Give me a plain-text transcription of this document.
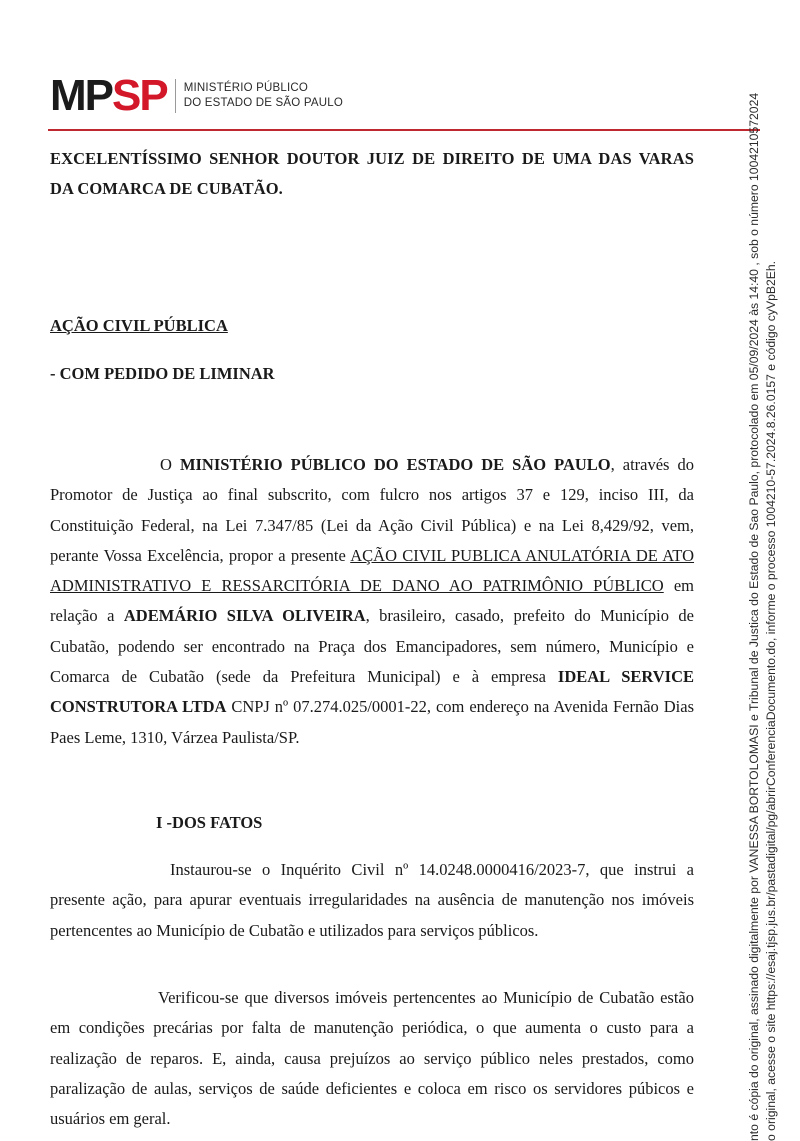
MP SP MINISTÉRIO PÚBLICO
DO ESTADO DE SÃO PAULO
EXCELENTÍSSIMO SENHOR DOUTOR JUIZ DE DIREITO DE UMA DAS VARAS DA COMARCA DE CUBATÃO.
AÇÃO CIVIL PÚBLICA
- COM PEDIDO DE LIMINAR
O MINISTÉRIO PÚBLICO DO ESTADO DE SÃO PAULO, através do Promotor de Justiça ao final subscrito, com fulcro nos artigos 37 e 129, inciso III, da Constituição Federal, na Lei 7.347/85 (Lei da Ação Civil Pública) e na Lei 8,429/92, vem, perante Vossa Excelência, propor a presente AÇÃO CIVIL PUBLICA ANULATÓRIA DE ATO ADMINISTRATIVO E RESSARCITÓRIA DE DANO AO PATRIMÔNIO PÚBLICO em relação a ADEMÁRIO SILVA OLIVEIRA, brasileiro, casado, prefeito do Município de Cubatão, podendo ser encontrado na Praça dos Emancipadores, sem número, Município e Comarca de Cubatão (sede da Prefeitura Municipal) e à empresa IDEAL SERVICE CONSTRUTORA LTDA CNPJ nº 07.274.025/0001-22, com endereço na Avenida Fernão Dias Paes Leme, 1310, Várzea Paulista/SP.
I -DOS FATOS
Instaurou-se o Inquérito Civil nº 14.0248.0000416/2023-7, que instrui a presente ação, para apurar eventuais irregularidades na ausência de manutenção nos imóveis pertencentes ao Município de Cubatão e utilizados para serviços públicos.
Verificou-se que diversos imóveis pertencentes ao Município de Cubatão estão em condições precárias por falta de manutenção periódica, o que aumenta o custo para a realização de reparos. E, ainda, causa prejuízos ao serviço público neles prestados, como paralização de aulas, serviços de saúde deficientes e coloca em risco os servidores púbicos e usuários em geral.	nto é cópia do original, assinado digitalmente por VANESSA BORTOLOMASI e Tribunal de Justica do Estado de Sao Paulo, protocolado em 05/09/2024 às 14:40 , sob o número 1004210572024 o original, acesse o site https://esaj.tjsp.jus.br/pastadigital/pg/abrirConferenciaDocumento.do, informe o processo 1004210-57.2024.8.26.0157 e código cyVpB2Eh.
